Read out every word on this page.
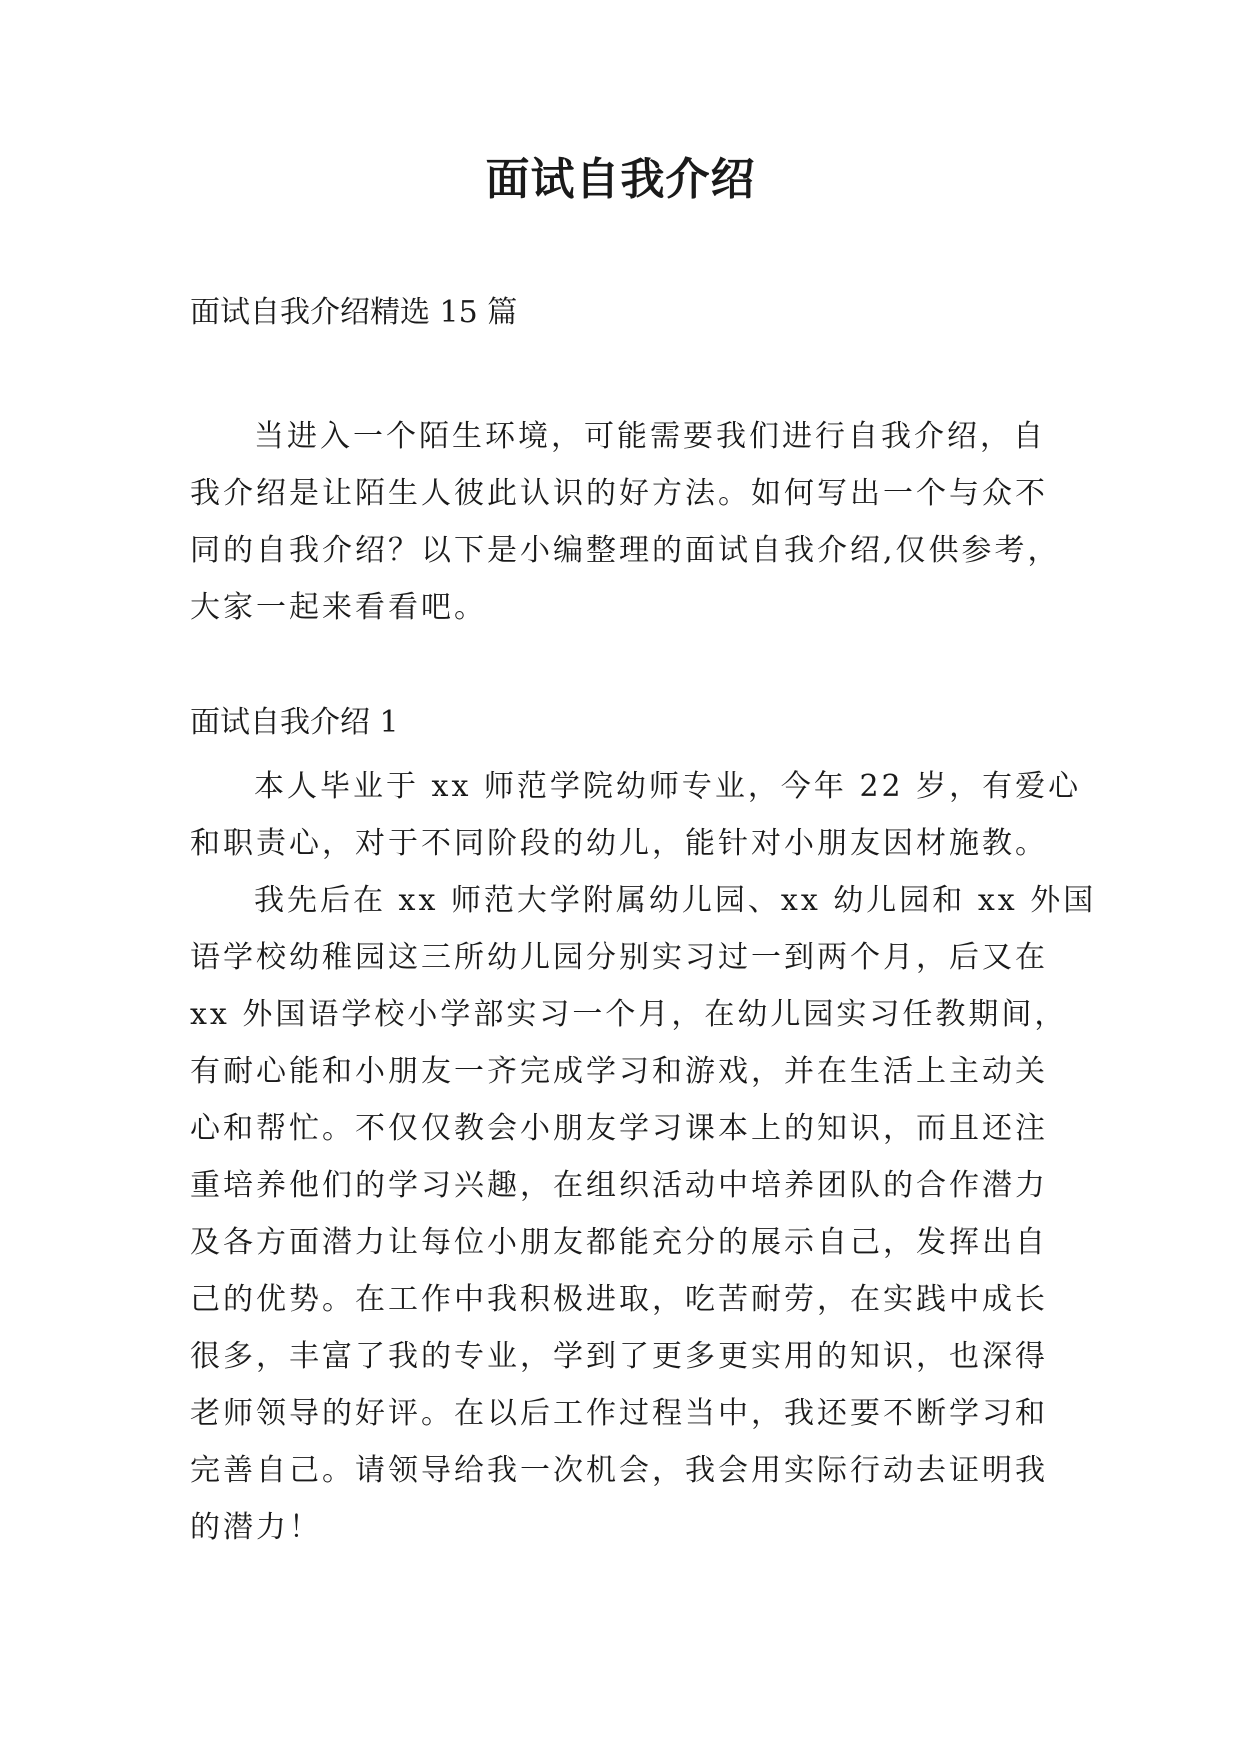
面试自我介绍

面试自我介绍精选 15 篇

当进入一个陌生环境，可能需要我们进行自我介绍，自
我介绍是让陌生人彼此认识的好方法。如何写出一个与众不
同的自我介绍？以下是小编整理的面试自我介绍,仅供参考，
大家一起来看看吧。

面试自我介绍 1

本人毕业于 xx 师范学院幼师专业，今年 22 岁，有爱心
和职责心，对于不同阶段的幼儿，能针对小朋友因材施教。
我先后在 xx 师范大学附属幼儿园、xx 幼儿园和 xx 外国
语学校幼稚园这三所幼儿园分别实习过一到两个月，后又在
xx 外国语学校小学部实习一个月，在幼儿园实习任教期间，
有耐心能和小朋友一齐完成学习和游戏，并在生活上主动关
心和帮忙。不仅仅教会小朋友学习课本上的知识，而且还注
重培养他们的学习兴趣，在组织活动中培养团队的合作潜力
及各方面潜力让每位小朋友都能充分的展示自己，发挥出自
己的优势。在工作中我积极进取，吃苦耐劳，在实践中成长
很多，丰富了我的专业，学到了更多更实用的知识，也深得
老师领导的好评。在以后工作过程当中，我还要不断学习和
完善自己。请领导给我一次机会，我会用实际行动去证明我
的潜力！
